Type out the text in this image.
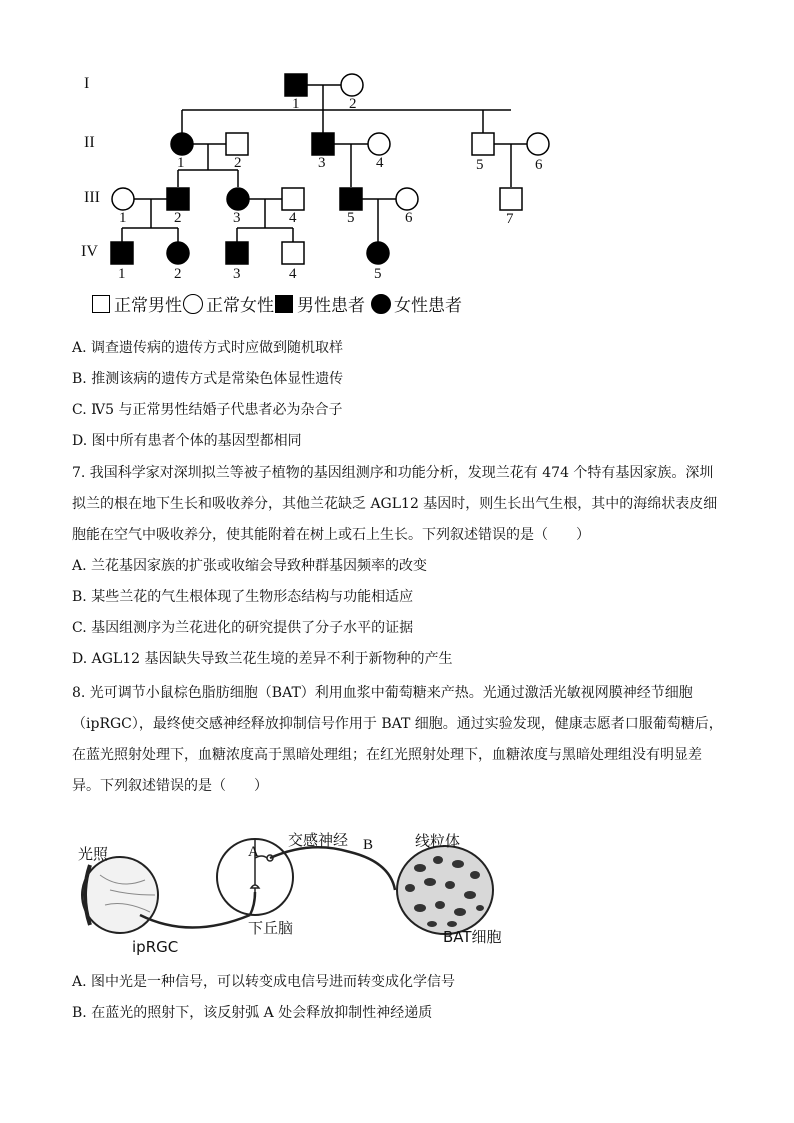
I
II
III
IV
1	2
1	2	3	4	5	6
1	2	3	4	5	6	7
1	2	3	4	5
正常男性 正常女性 男性患者 女性患者
A. 调查遗传病的遗传方式时应做到随机取样
B. 推测该病的遗传方式是常染色体显性遗传
C. Ⅳ5 与正常男性结婚子代患者必为杂合子
D. 图中所有患者个体的基因型都相同
7. 我国科学家对深圳拟兰等被子植物的基因组测序和功能分析，发现兰花有 474 个特有基因家族。深圳拟兰的根在地下生长和吸收养分，其他兰花缺乏 AGL12 基因时，则生长出气生根，其中的海绵状表皮细胞能在空气中吸收养分，使其能附着在树上或石上生长。下列叙述错误的是（　　）
A. 兰花基因家族的扩张或收缩会导致种群基因频率的改变
B. 某些兰花的气生根体现了生物形态结构与功能相适应
C. 基因组测序为兰花进化的研究提供了分子水平的证据
D. AGL12 基因缺失导致兰花生境的差异不利于新物种的产生
8. 光可调节小鼠棕色脂肪细胞（BAT）利用血浆中葡萄糖来产热。光通过激活光敏视网膜神经节细胞（ipRGC），最终使交感神经释放抑制信号作用于 BAT 细胞。通过实验发现，健康志愿者口服葡萄糖后，在蓝光照射处理下，血糖浓度高于黑暗处理组；在红光照射处理下，血糖浓度与黑暗处理组没有明显差异。下列叙述错误的是（　　）
光照	A
交感神经 B	线粒体
下丘脑
ipRGC
BAT细胞
A. 图中光是一种信号，可以转变成电信号进而转变成化学信号
B. 在蓝光的照射下，该反射弧 A 处会释放抑制性神经递质
